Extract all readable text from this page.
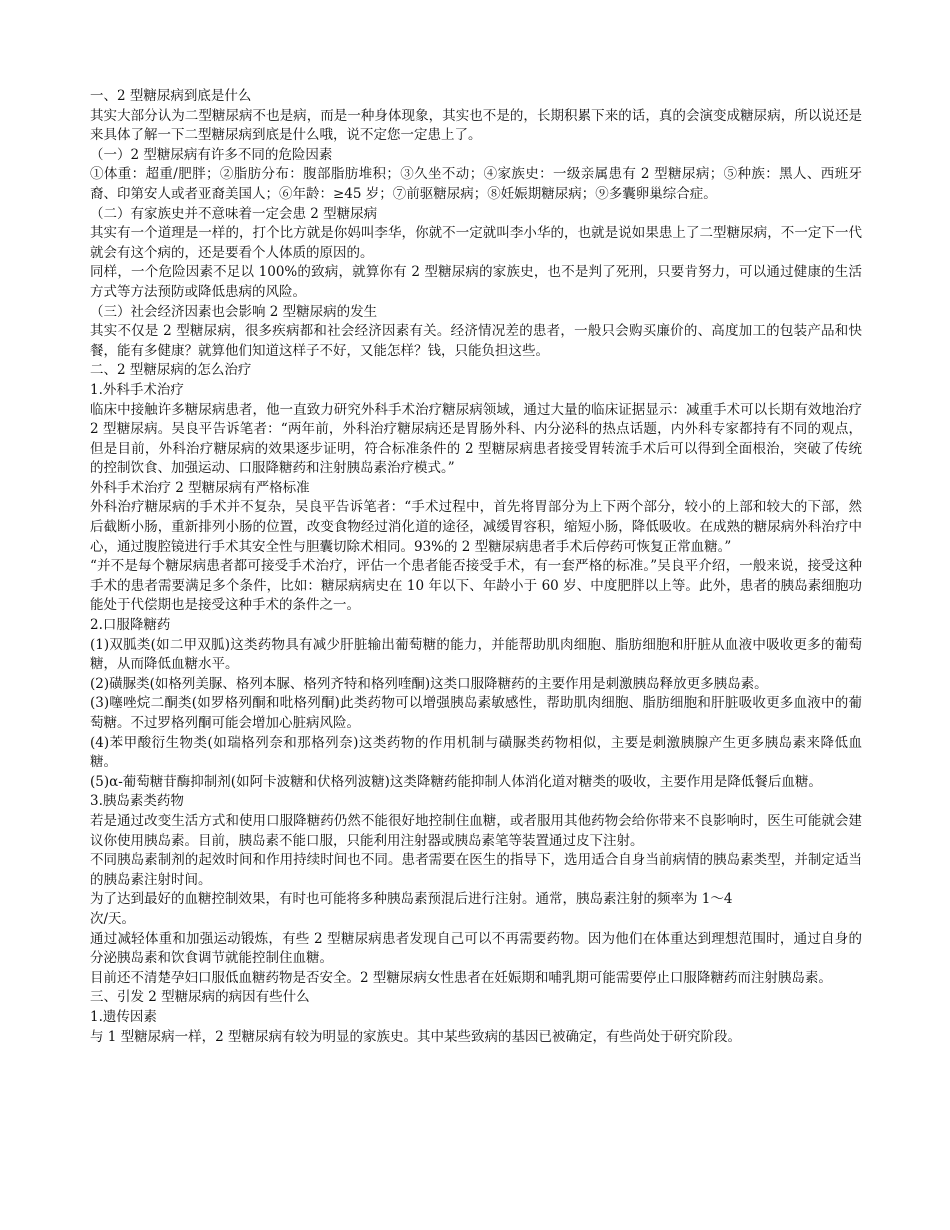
一、2 型糖尿病到底是什么

其实大部分认为二型糖尿病不也是病，而是一种身体现象，其实也不是的，长期积累下来的话，真的会演变成糖尿病，所以说还是来具体了解一下二型糖尿病到底是什么哦，说不定您一定患上了。

（一）2 型糖尿病有许多不同的危险因素

①体重：超重/肥胖；②脂肪分布：腹部脂肪堆积；③久坐不动；④家族史：一级亲属患有 2 型糖尿病；⑤种族：黑人、西班牙裔、印第安人或者亚裔美国人；⑥年龄：≥45 岁；⑦前驱糖尿病；⑧妊娠期糖尿病；⑨多囊卵巢综合症。

（二）有家族史并不意味着一定会患 2 型糖尿病

其实有一个道理是一样的，打个比方就是你妈叫李华，你就不一定就叫李小华的，也就是说如果患上了二型糖尿病，不一定下一代就会有这个病的，还是要看个人体质的原因的。

同样，一个危险因素不足以 100%的致病，就算你有 2 型糖尿病的家族史，也不是判了死刑，只要肯努力，可以通过健康的生活方式等方法预防或降低患病的风险。

（三）社会经济因素也会影响 2 型糖尿病的发生

其实不仅是 2 型糖尿病，很多疾病都和社会经济因素有关。经济情况差的患者，一般只会购买廉价的、高度加工的包装产品和快餐，能有多健康？就算他们知道这样子不好，又能怎样？钱，只能负担这些。

二、2 型糖尿病的怎么治疗

1.外科手术治疗

临床中接触许多糖尿病患者，他一直致力研究外科手术治疗糖尿病领域，通过大量的临床证据显示：减重手术可以长期有效地治疗 2 型糖尿病。吴良平告诉笔者：“两年前，外科治疗糖尿病还是胃肠外科、内分泌科的热点话题，内外科专家都持有不同的观点，但是目前，外科治疗糖尿病的效果逐步证明，符合标准条件的 2 型糖尿病患者接受胃转流手术后可以得到全面根治，突破了传统的控制饮食、加强运动、口服降糖药和注射胰岛素治疗模式。”

外科手术治疗 2 型糖尿病有严格标准

外科治疗糖尿病的手术并不复杂，吴良平告诉笔者：“手术过程中，首先将胃部分为上下两个部分，较小的上部和较大的下部，然后截断小肠，重新排列小肠的位置，改变食物经过消化道的途径，减缓胃容积，缩短小肠，降低吸收。在成熟的糖尿病外科治疗中心，通过腹腔镜进行手术其安全性与胆囊切除术相同。93%的 2 型糖尿病患者手术后停药可恢复正常血糖。”

“并不是每个糖尿病患者都可接受手术治疗，评估一个患者能否接受手术，有一套严格的标准。”吴良平介绍，一般来说，接受这种手术的患者需要满足多个条件，比如：糖尿病病史在 10 年以下、年龄小于 60 岁、中度肥胖以上等。此外，患者的胰岛素细胞功能处于代偿期也是接受这种手术的条件之一。

2.口服降糖药

(1)双胍类(如二甲双胍)这类药物具有减少肝脏输出葡萄糖的能力，并能帮助肌肉细胞、脂肪细胞和肝脏从血液中吸收更多的葡萄糖，从而降低血糖水平。

(2)磺脲类(如格列美脲、格列本脲、格列齐特和格列喹酮)这类口服降糖药的主要作用是刺激胰岛释放更多胰岛素。

(3)噻唑烷二酮类(如罗格列酮和吡格列酮)此类药物可以增强胰岛素敏感性，帮助肌肉细胞、脂肪细胞和肝脏吸收更多血液中的葡萄糖。不过罗格列酮可能会增加心脏病风险。

(4)苯甲酸衍生物类(如瑞格列奈和那格列奈)这类药物的作用机制与磺脲类药物相似，主要是刺激胰腺产生更多胰岛素来降低血糖。

(5)α-葡萄糖苷酶抑制剂(如阿卡波糖和伏格列波糖)这类降糖药能抑制人体消化道对糖类的吸收，主要作用是降低餐后血糖。

3.胰岛素类药物

若是通过改变生活方式和使用口服降糖药仍然不能很好地控制住血糖，或者服用其他药物会给你带来不良影响时，医生可能就会建议你使用胰岛素。目前，胰岛素不能口服，只能利用注射器或胰岛素笔等装置通过皮下注射。

不同胰岛素制剂的起效时间和作用持续时间也不同。患者需要在医生的指导下，选用适合自身当前病情的胰岛素类型，并制定适当的胰岛素注射时间。

为了达到最好的血糖控制效果，有时也可能将多种胰岛素预混后进行注射。通常，胰岛素注射的频率为 1～4

次/天。

通过减轻体重和加强运动锻炼，有些 2 型糖尿病患者发现自己可以不再需要药物。因为他们在体重达到理想范围时，通过自身的分泌胰岛素和饮食调节就能控制住血糖。

目前还不清楚孕妇口服低血糖药物是否安全。2 型糖尿病女性患者在妊娠期和哺乳期可能需要停止口服降糖药而注射胰岛素。

三、引发 2 型糖尿病的病因有些什么

1.遗传因素

与 1 型糖尿病一样，2 型糖尿病有较为明显的家族史。其中某些致病的基因已被确定，有些尚处于研究阶段。
